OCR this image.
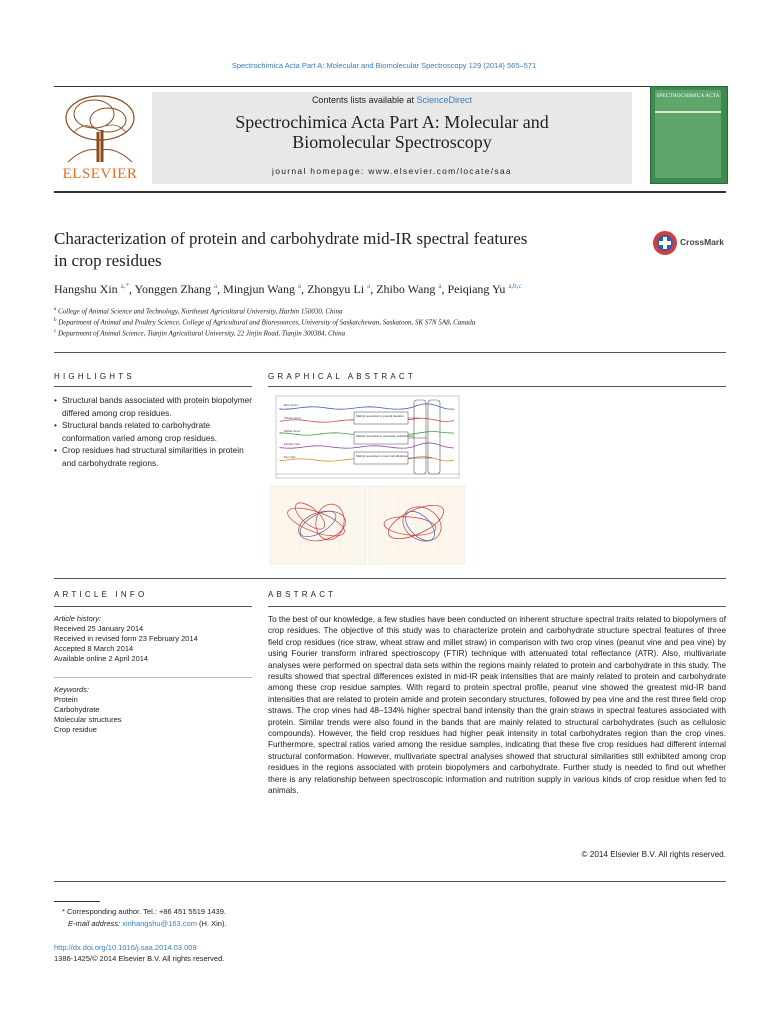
Spectrochimica Acta Part A: Molecular and Biomolecular Spectroscopy 129 (2014) 565–571
ELSEVIER
Contents lists available at ScienceDirect
Spectrochimica Acta Part A: Molecular and
Biomolecular Spectroscopy
journal homepage: www.elsevier.com/locate/saa
SPECTROCHIMICA ACTA
Characterization of protein and carbohydrate mid-IR spectral features
in crop residues
CrossMark
Hangshu Xin $^{a,*}$, Yonggen Zhang $^a$, Mingjun Wang $^a$, Zhongyu Li $^a$, Zhibo Wang $^a$, Peiqiang Yu $^{a,b,c}$
$^a$ College of Animal Science and Technology, Northeast Agricultural University, Harbin 150030, China
$^b$ Department of Animal and Poultry Science, College of Agricultural and Bioresources, University of Saskatchewan, Saskatoon, SK S7N 5A8, Canada
$^c$ Department of Animal Science, Tianjin Agricultural University, 22 Jinjin Road, Tianjin 300384, China
HIGHLIGHTS
• Structural bands associated with protein biopolymer differed among crop residues.
• Structural bands related to carbohydrate conformation varied among crop residues.
• Crop residues had structural similarities in protein and carbohydrate regions.
GRAPHICAL ABSTRACT
Rice straw
Wheat straw
Millet straw
Peanut vine
Pea vine
Mainly associated to protein moieties
Mainly associated to structural carbohydrates
Mainly associated to total carbohydrates
ARTICLE INFO
Article history:
Received 25 January 2014
Received in revised form 23 February 2014
Accepted 8 March 2014
Available online 2 April 2014
Keywords:
Protein
Carbohydrate
Molecular structures
Crop residue
ABSTRACT
To the best of our knowledge, a few studies have been conducted on inherent structure spectral traits related to biopolymers of crop residues. The objective of this study was to characterize protein and carbohydrate structure spectral features of three field crop residues (rice straw, wheat straw and millet straw) in comparison with two crop vines (peanut vine and pea vine) by using Fourier transform infrared spectroscopy (FTIR) technique with attenuated total reflectance (ATR). Also, multivariate analyses were performed on spectral data sets within the regions mainly related to protein and carbohydrate in this study. The results showed that spectral differences existed in mid-IR peak intensities that are mainly related to protein and carbohydrate among these crop residue samples. With regard to protein spectral profile, peanut vine showed the greatest mid-IR band intensities that are related to protein amide and protein secondary structures, followed by pea vine and the rest three field crop straws. The crop vines had 48–134% higher spectral band intensity than the grain straws in spectral features associated with protein. Similar trends were also found in the bands that are mainly related to structural carbohydrates (such as cellulosic compounds). However, the field crop residues had higher peak intensity in total carbohydrates region than the crop vines. Furthermore, spectral ratios varied among the residue samples, indicating that these five crop residues had different internal structural conformation. However, multivariate spectral analyses showed that structural similarities still exhibited among crop residues in the regions associated with protein biopolymers and carbohydrate. Further study is needed to find out whether there is any relationship between spectroscopic information and nutrition supply in various kinds of crop residue when fed to animals.
© 2014 Elsevier B.V. All rights reserved.
* Corresponding author. Tel.: +86 451 5519 1439.
E-mail address: xinhangshu@163.com (H. Xin).
http://dx.doi.org/10.1016/j.saa.2014.03.009
1386-1425/© 2014 Elsevier B.V. All rights reserved.
